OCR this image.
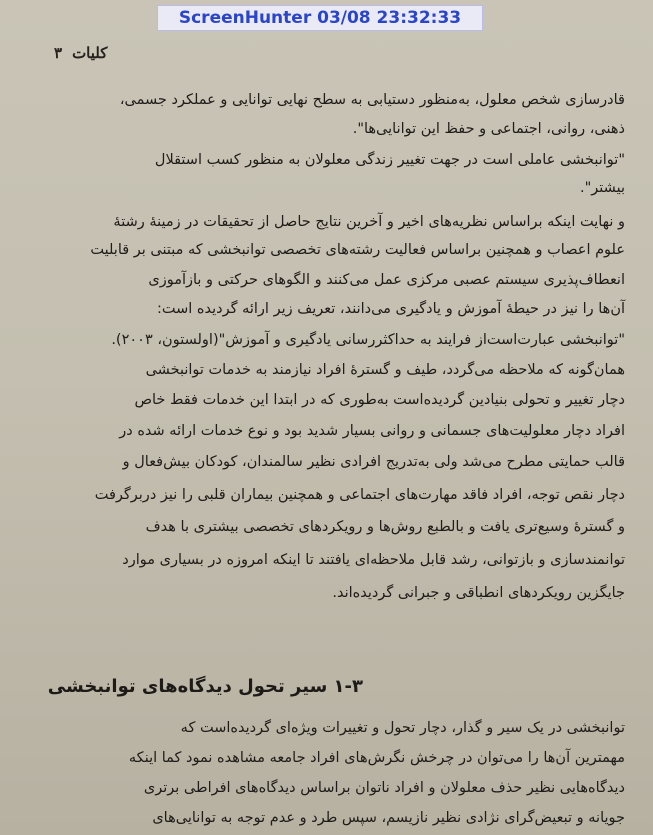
ScreenHunter 03/08 23:32:33
۳ کلیات
قادرسازی شخص معلول، به‌منظور دستیابی به سطح نهایی توانایی و عملکرد جسمی،
ذهنی، روانی، اجتماعی و حفظ این توانایی‌ها".
"توانبخشی عاملی است در جهت تغییر زندگی معلولان به منظور کسب استقلال
بیشتر".
و نهایت اینکه براساس نظریه‌های اخیر و آخرین نتایج حاصل از تحقیقات در زمینهٔ رشتهٔ
علوم اعصاب و همچنین براساس فعالیت رشته‌های تخصصی توانبخشی که مبتنی بر قابلیت
انعطاف‌پذیری سیستم عصبی مرکزی عمل می‌کنند و الگوهای حرکتی و بازآموزی
آن‌ها را نیز در حیطهٔ آموزش و یادگیری می‌دانند، تعریف زیر ارائه گردیده است:
"توانبخشی عبارت‌است‌از فرایند به حداکثررسانی یادگیری و آموزش"(اولستون، ۲۰۰۳).
همان‌گونه که ملاحظه می‌گردد، طیف و گسترهٔ افراد نیازمند به خدمات توانبخشی
دچار تغییر و تحولی بنیادین گردیده‌است به‌طوری که در ابتدا این خدمات فقط خاص
افراد دچار معلولیت‌های جسمانی و روانی بسیار شدید بود و نوع خدمات ارائه شده در
قالب حمایتی مطرح می‌شد ولی به‌تدریج افرادی نظیر سالمندان، کودکان بیش‌فعال و
دچار نقص توجه، افراد فاقد مهارت‌های اجتماعی و همچنین بیماران قلبی را نیز دربرگرفت
و گسترهٔ وسیع‌تری یافت و بالطبع روش‌ها و رویکردهای تخصصی بیشتری با هدف
توانمندسازی و بازتوانی، رشد قابل ملاحظه‌ای یافتند تا اینکه امروزه در بسیاری موارد
جایگزین رویکردهای انطباقی و جبرانی گردیده‌اند.
۱-۳ سیر تحول دیدگاه‌های توانبخشی
توانبخشی در یک سیر و گذار، دچار تحول و تغییرات ویژه‌ای گردیده‌است که
مهمترین آن‌ها را می‌توان در چرخش نگرش‌های افراد جامعه مشاهده نمود کما اینکه
دیدگاه‌هایی نظیر حذف معلولان و افراد ناتوان براساس دیدگاه‌های افراطی برتری
جویانه و تبعیض‌گرای نژادی نظیر نازیسم، سپس طرد و عدم توجه به توانایی‌های
